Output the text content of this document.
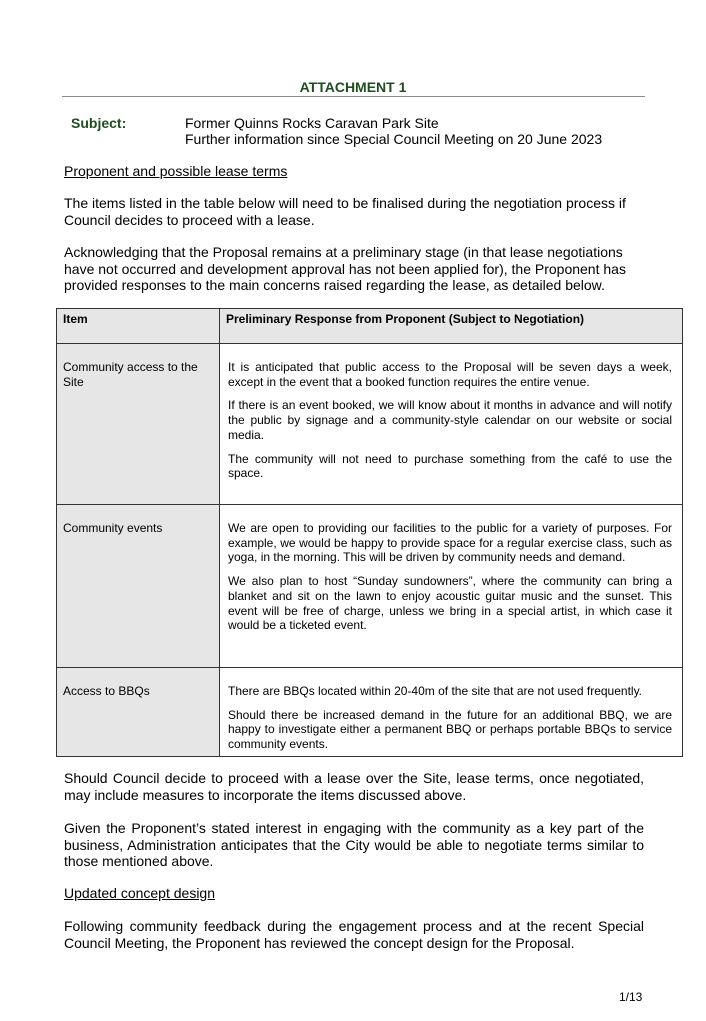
ATTACHMENT 1
Subject:	Former Quinns Rocks Caravan Park Site
Further information since Special Council Meeting on 20 June 2023
Proponent and possible lease terms
The items listed in the table below will need to be finalised during the negotiation process if Council decides to proceed with a lease.
Acknowledging that the Proposal remains at a preliminary stage (in that lease negotiations have not occurred and development approval has not been applied for), the Proponent has provided responses to the main concerns raised regarding the lease, as detailed below.
Item	Preliminary Response from Proponent (Subject to Negotiation)
Community access to the Site	It is anticipated that public access to the Proposal will be seven days a week, except in the event that a booked function requires the entire venue.

If there is an event booked, we will know about it months in advance and will notify the public by signage and a community-style calendar on our website or social media.

The community will not need to purchase something from the café to use the space.

Community events	We are open to providing our facilities to the public for a variety of purposes. For example, we would be happy to provide space for a regular exercise class, such as yoga, in the morning. This will be driven by community needs and demand.

We also plan to host “Sunday sundowners”, where the community can bring a blanket and sit on the lawn to enjoy acoustic guitar music and the sunset. This event will be free of charge, unless we bring in a special artist, in which case it would be a ticketed event.

Access to BBQs	There are BBQs located within 20-40m of the site that are not used frequently.

Should there be increased demand in the future for an additional BBQ, we are happy to investigate either a permanent BBQ or perhaps portable BBQs to service community events.

Should Council decide to proceed with a lease over the Site, lease terms, once negotiated, may include measures to incorporate the items discussed above.
Given the Proponent’s stated interest in engaging with the community as a key part of the business, Administration anticipates that the City would be able to negotiate terms similar to those mentioned above.
Updated concept design
Following community feedback during the engagement process and at the recent Special Council Meeting, the Proponent has reviewed the concept design for the Proposal.
1/13
